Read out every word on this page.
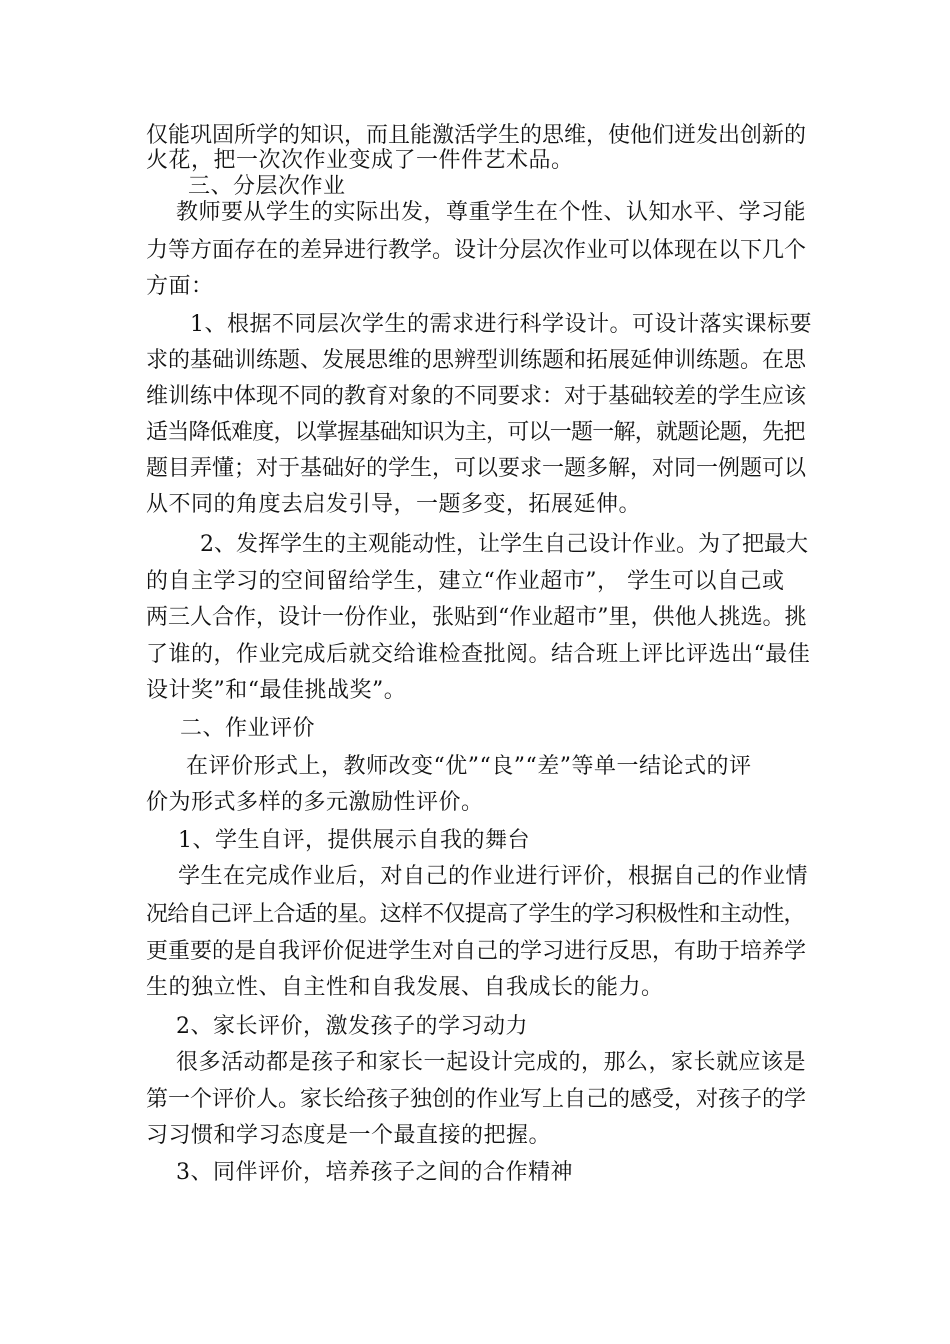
仅能巩固所学的知识，而且能激活学生的思维，使他们迸发出创新的

火花，把一次次作业变成了一件件艺术品。

三、分层次作业

教师要从学生的实际出发，尊重学生在个性、认知水平、学习能

力等方面存在的差异进行教学。设计分层次作业可以体现在以下几个

方面：

1、根据不同层次学生的需求进行科学设计。可设计落实课标要

求的基础训练题、发展思维的思辨型训练题和拓展延伸训练题。在思

维训练中体现不同的教育对象的不同要求：对于基础较差的学生应该

适当降低难度，以掌握基础知识为主，可以一题一解，就题论题，先把

题目弄懂；对于基础好的学生，可以要求一题多解，对同一例题可以

从不同的角度去启发引导，一题多变，拓展延伸。

2、发挥学生的主观能动性，让学生自己设计作业。为了把最大

的自主学习的空间留给学生，建立“作业超市”， 学生可以自己或

两三人合作，设计一份作业，张贴到“作业超市”里，供他人挑选。挑

了谁的，作业完成后就交给谁检查批阅。结合班上评比评选出“最佳

设计奖”和“最佳挑战奖”。

二、作业评价

在评价形式上，教师改变“优”“良”“差”等单一结论式的评

价为形式多样的多元激励性评价。

1、学生自评，提供展示自我的舞台

学生在完成作业后，对自己的作业进行评价，根据自己的作业情

况给自己评上合适的星。这样不仅提高了学生的学习积极性和主动性，

更重要的是自我评价促进学生对自己的学习进行反思，有助于培养学

生的独立性、自主性和自我发展、自我成长的能力。

2、家长评价，激发孩子的学习动力

很多活动都是孩子和家长一起设计完成的，那么，家长就应该是

第一个评价人。家长给孩子独创的作业写上自己的感受，对孩子的学

习习惯和学习态度是一个最直接的把握。

3、同伴评价，培养孩子之间的合作精神
